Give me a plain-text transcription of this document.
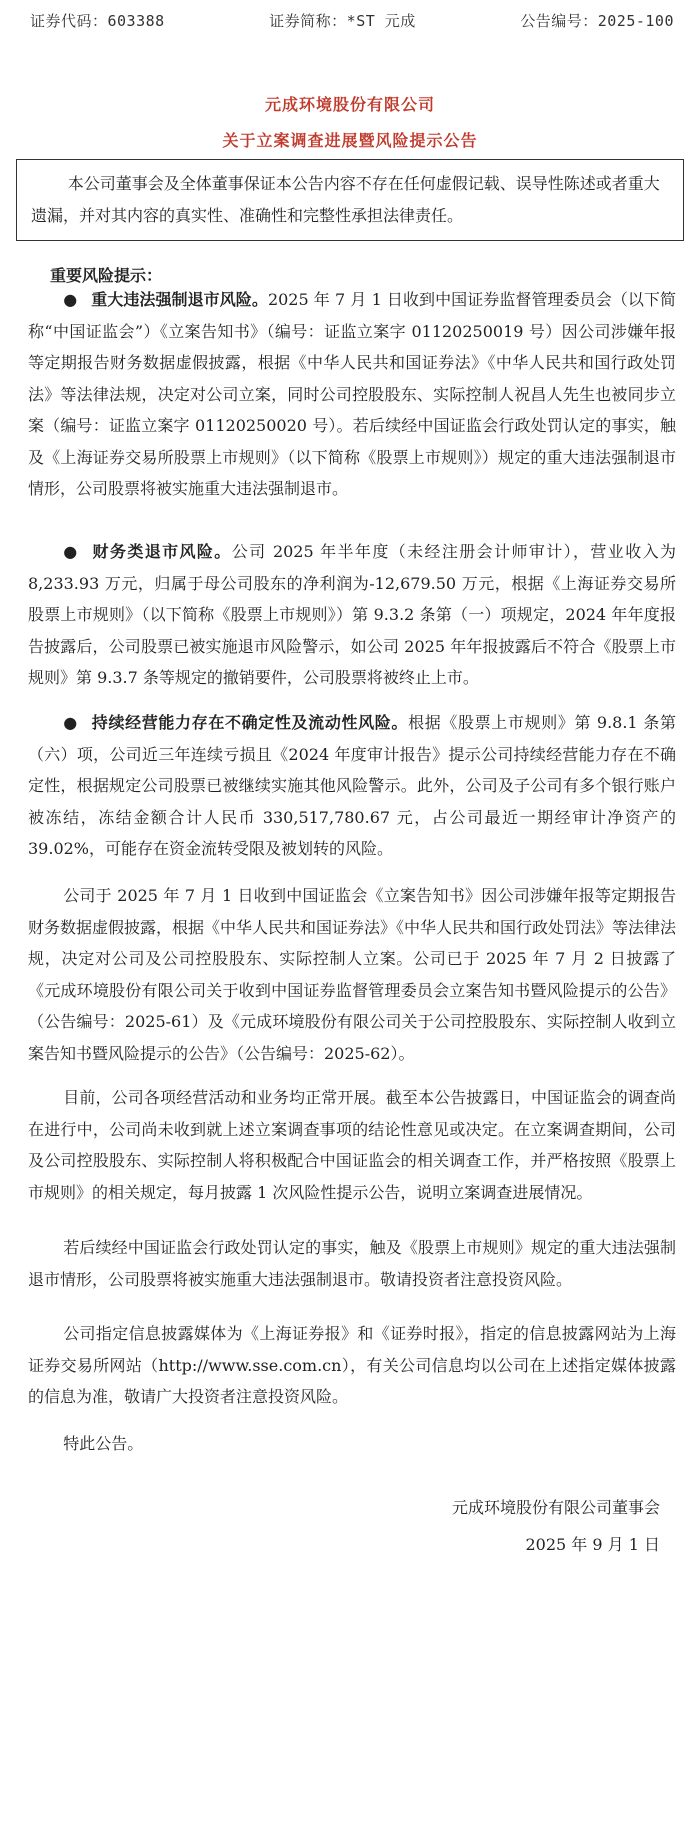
证券代码：603388	证券简称：*ST 元成	公告编号：2025-100
元成环境股份有限公司
关于立案调查进展暨风险提示公告
本公司董事会及全体董事保证本公告内容不存在任何虚假记载、误导性陈述或者重大遗漏，并对其内容的真实性、准确性和完整性承担法律责任。
重要风险提示：
● 重大违法强制退市风险。2025 年 7 月 1 日收到中国证券监督管理委员会（以下简称“中国证监会”）《立案告知书》（编号：证监立案字 01120250019 号）因公司涉嫌年报等定期报告财务数据虚假披露，根据《中华人民共和国证券法》《中华人民共和国行政处罚法》等法律法规，决定对公司立案，同时公司控股股东、实际控制人祝昌人先生也被同步立案（编号：证监立案字 01120250020 号）。若后续经中国证监会行政处罚认定的事实，触及《上海证券交易所股票上市规则》（以下简称《股票上市规则》）规定的重大违法强制退市情形，公司股票将被实施重大违法强制退市。
● 财务类退市风险。公司 2025 年半年度（未经注册会计师审计），营业收入为 8,233.93 万元，归属于母公司股东的净利润为-12,679.50 万元，根据《上海证券交易所股票上市规则》（以下简称《股票上市规则》）第 9.3.2 条第（一）项规定，2024 年年度报告披露后，公司股票已被实施退市风险警示，如公司 2025 年年报披露后不符合《股票上市规则》第 9.3.7 条等规定的撤销要件，公司股票将被终止上市。
● 持续经营能力存在不确定性及流动性风险。根据《股票上市规则》第 9.8.1 条第（六）项，公司近三年连续亏损且《2024 年度审计报告》提示公司持续经营能力存在不确定性，根据规定公司股票已被继续实施其他风险警示。此外，公司及子公司有多个银行账户被冻结，冻结金额合计人民币 330,517,780.67 元，占公司最近一期经审计净资产的 39.02%，可能存在资金流转受限及被划转的风险。
公司于 2025 年 7 月 1 日收到中国证监会《立案告知书》因公司涉嫌年报等定期报告财务数据虚假披露，根据《中华人民共和国证券法》《中华人民共和国行政处罚法》等法律法规，决定对公司及公司控股股东、实际控制人立案。公司已于 2025 年 7 月 2 日披露了《元成环境股份有限公司关于收到中国证券监督管理委员会立案告知书暨风险提示的公告》（公告编号：2025-61）及《元成环境股份有限公司关于公司控股股东、实际控制人收到立案告知书暨风险提示的公告》（公告编号：2025-62）。
目前，公司各项经营活动和业务均正常开展。截至本公告披露日，中国证监会的调查尚在进行中，公司尚未收到就上述立案调查事项的结论性意见或决定。在立案调查期间，公司及公司控股股东、实际控制人将积极配合中国证监会的相关调查工作，并严格按照《股票上市规则》的相关规定，每月披露 1 次风险性提示公告，说明立案调查进展情况。
若后续经中国证监会行政处罚认定的事实，触及《股票上市规则》规定的重大违法强制退市情形，公司股票将被实施重大违法强制退市。敬请投资者注意投资风险。
公司指定信息披露媒体为《上海证券报》和《证券时报》，指定的信息披露网站为上海证券交易所网站（http://www.sse.com.cn），有关公司信息均以公司在上述指定媒体披露的信息为准，敬请广大投资者注意投资风险。
特此公告。
元成环境股份有限公司董事会
2025 年 9 月 1 日
